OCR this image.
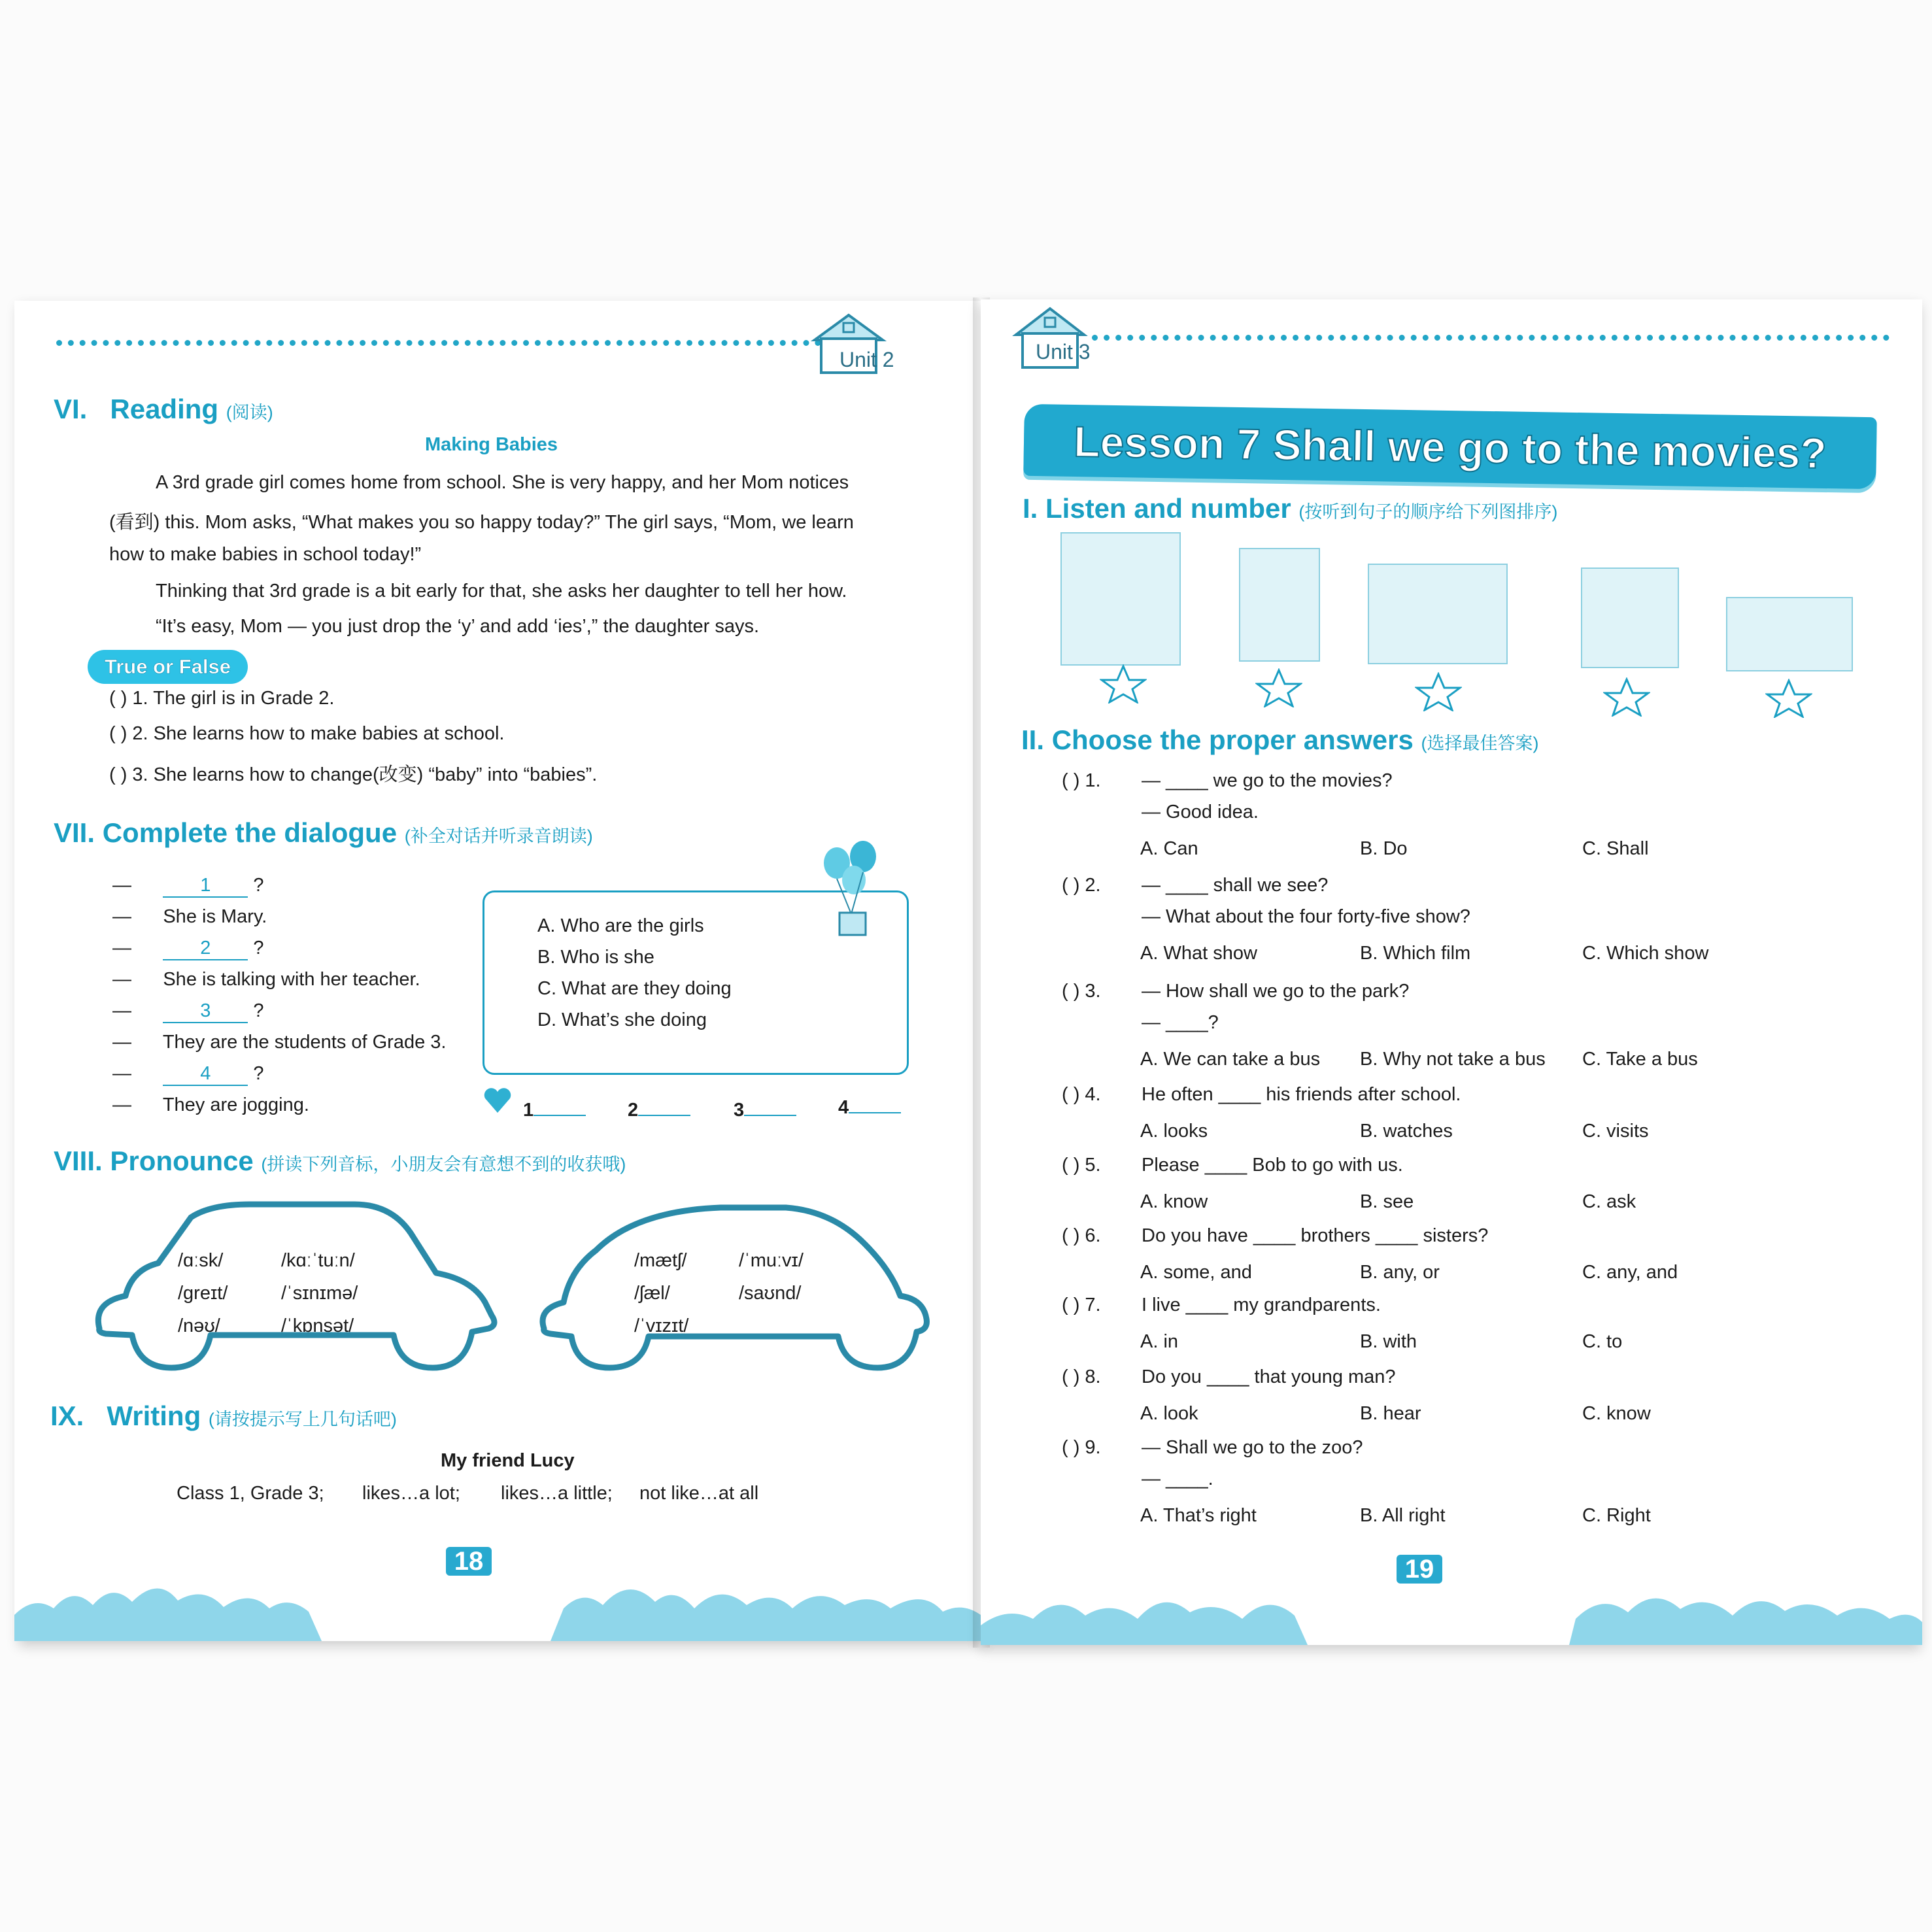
Unit 2
VI. Reading (阅读)
Making Babies
A 3rd grade girl comes home from school. She is very happy, and her Mom notices
(看到) this. Mom asks, “What makes you so happy today?” The girl says, “Mom, we learn
how to make babies in school today!”
Thinking that 3rd grade is a bit early for that, she asks her daughter to tell her how.
“It’s easy, Mom — you just drop the ‘y’ and add ‘ies’,” the daughter says.
True or False
( ) 1. The girl is in Grade 2.
( ) 2. She learns how to make babies at school.
( ) 3. She learns how to change(改变) “baby” into “babies”.
VII. Complete the dialogue (补全对话并听录音朗读)
—	1 ?
— She is Mary.
—	2 ?
— She is talking with her teacher.
—	3 ?
— They are the students of Grade 3.
—	4 ?
— They are jogging.
A. Who are the girls
B. Who is she
C. What are they doing
D. What’s she doing
1	2	3	4
VIII. Pronounce (拼读下列音标，小朋友会有意想不到的收获哦)
/ɑːsk/	/kɑːˈtuːn/
/ɡreɪt/	/ˈsɪnɪmə/
/nəʊ/	/ˈkɒnsət/
/mætʃ/	/ˈmuːvɪ/
/ʃæl/	/saʊnd/
/ˈvɪzɪt/
IX. Writing (请按提示写上几句话吧)
My friend Lucy
Class 1, Grade 3; likes…a lot; likes…a little; not like…at all
18
Unit 3
Lesson 7 Shall we go to the movies?
I. Listen and number (按听到句子的顺序给下列图排序)
II. Choose the proper answers (选择最佳答案)
19
( ) 1. — ____ we go to the movies?
— Good idea.
A. Can	B. Do	C. Shall
( ) 2. — ____ shall we see?
— What about the four forty-five show?
A. What show	B. Which film	C. Which show
( ) 3. — How shall we go to the park?
— ____?
A. We can take a bus B. Why not take a bus C. Take a bus
( ) 4. He often ____ his friends after school.
A. looks	B. watches	C. visits
( ) 5. Please ____ Bob to go with us.
A. know	B. see	C. ask
( ) 6. Do you have ____ brothers ____ sisters?
A. some, and	B. any, or	C. any, and
( ) 7. I live ____ my grandparents.
A. in	B. with	C. to
( ) 8. Do you ____ that young man?
A. look	B. hear	C. know
( ) 9. — Shall we go to the zoo?
— ____.
A. That’s right	B. All right	C. Right
